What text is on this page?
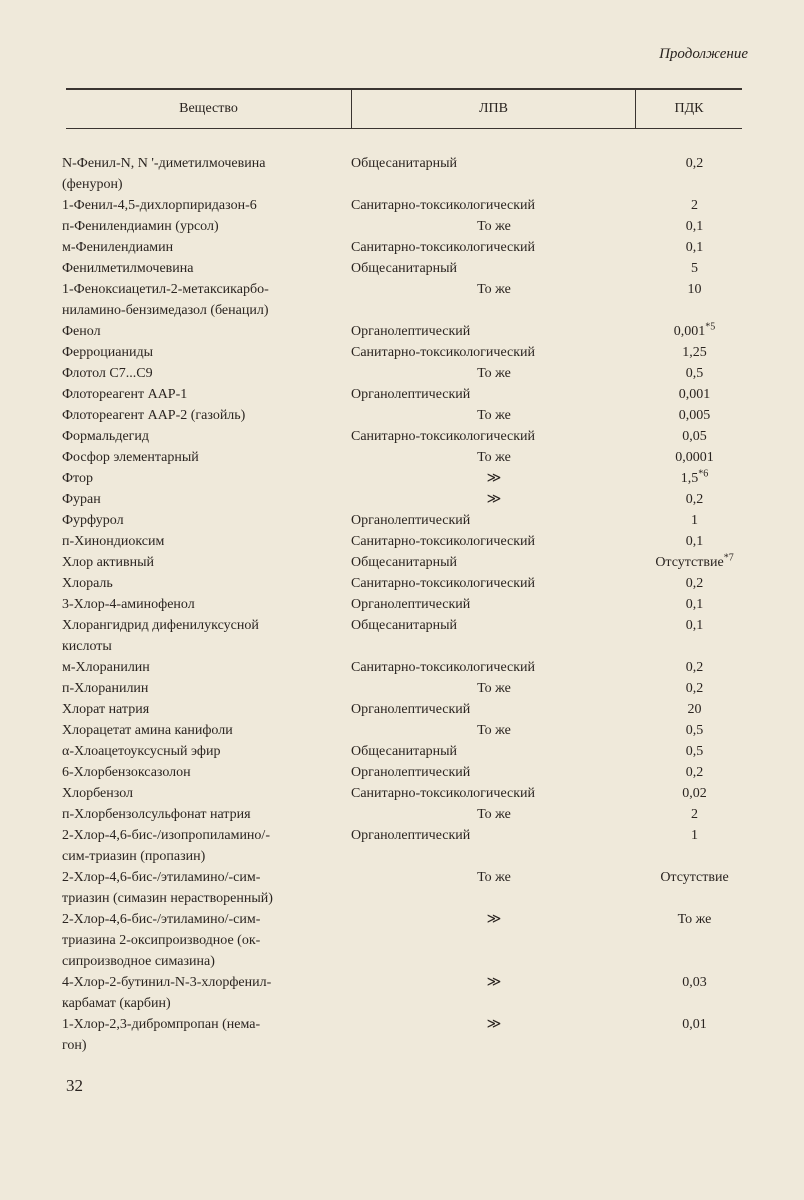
Продолжение
Вещество	ЛПВ	ПДК
N-Фенил-N, N '-диметилмочевина	Общесанитарный	0,2
(фенурон)
1-Фенил-4,5-дихлорпиридазон-6	Санитарно-токсикологический	2
п-Фенилендиамин (урсол)	То же	0,1
м-Фенилендиамин	Санитарно-токсикологический	0,1
Фенилметилмочевина	Общесанитарный	5
1-Феноксиацетил-2-метаксикарбо-	То же	10
ниламино-бензимедазол (бенацил)
Фенол	Органолептический	0,001$^{*5}$
Ферроцианиды	Санитарно-токсикологический	1,25
Флотол C7...C9	То же	0,5
Флотореагент ААР-1	Органолептический	0,001
Флотореагент ААР-2 (газойль)	То же	0,005
Формальдегид	Санитарно-токсикологический	0,05
Фосфор элементарный	То же	0,0001
Фтор	≫	1,5$^{*6}$
Фуран	≫	0,2
Фурфурол	Органолептический	1
п-Хинондиоксим	Санитарно-токсикологический	0,1
Хлор активный	Общесанитарный	Отсутствие$^{*7}$
Хлораль	Санитарно-токсикологический	0,2
3-Хлор-4-аминофенол	Органолептический	0,1
Хлорангидрид дифенилуксусной	Общесанитарный	0,1
кислоты
м-Хлоранилин	Санитарно-токсикологический	0,2
п-Хлоранилин	То же	0,2
Хлорат натрия	Органолептический	20
Хлорацетат амина канифоли	То же	0,5
α-Хлоацетоуксусный эфир	Общесанитарный	0,5
6-Хлорбензоксазолон	Органолептический	0,2
Хлорбензол	Санитарно-токсикологический	0,02
п-Хлорбензолсульфонат натрия	То же	2
2-Хлор-4,6-бис-/изопропиламино/-	Органолептический	1
сим-триазин (пропазин)
2-Хлор-4,6-бис-/этиламино/-сим-	То же	Отсутствие
триазин (симазин нерастворенный)
2-Хлор-4,6-бис-/этиламино/-сим-	≫	То же
триазина 2-оксипроизводное (ок-
сипроизводное симазина)
4-Хлор-2-бутинил-N-3-хлорфенил-	≫	0,03
карбамат (карбин)
1-Хлор-2,3-дибромпропан (нема-	≫	0,01
гон)
32
